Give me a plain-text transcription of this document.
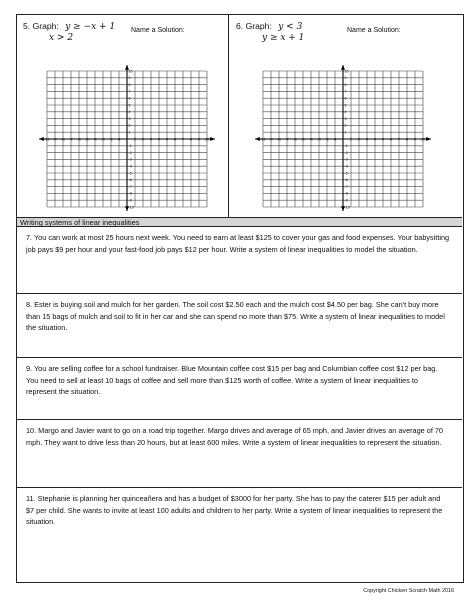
5. Graph: y ≥ −x + 1
x > 2
Name a Solution:
-10 -9 -8 -7 -6 -5 -4 -3 -2 -1	1 2 3 4 5 6 7 8 9 10
10
9
8
7
6
5
4
3
2
1
-1
-2
-3
-4
-5
-6
-7
-8
-9
-10
6. Graph: y < 3
y ≥ x + 1
Name a Solution:
-10 -9 -8 -7 -6 -5 -4 -3 -2 -1	1 2 3 4 5 6 7 8 9 10
10
9
8
7
6
5
4
3
2
1
-1
-2
-3
-4
-5
-6
-7
-8
-9
-10
Writing systems of linear inequalities

7. You can work at most 25 hours next week. You need to earn at least $125 to cover your gas and food expenses. Your babysitting job pays $9 per hour and your fast-food job pays $12 per hour. Write a system of linear inequalities to model the situation.

8. Ester is buying soil and mulch for her garden. The soil cost $2.50 each and the mulch cost $4.50 per bag. She can't buy more than 15 bags of mulch and soil to fit in her car and she can spend no more than $75. Write a system of linear inequalities to model the situation.

9. You are selling coffee for a school fundraiser. Blue Mountain coffee cost $15 per bag and Columbian coffee cost $12 per bag. You need to sell at least 10 bags of coffee and sell more than $125 worth of coffee. Write a system of linear inequalities to represent the situation.

10. Margo and Javier want to go on a road trip together. Margo drives and average of 65 mph, and Javier drives an average of 70 mph. They want to drive less than 20 hours, but at least 600 miles. Write a system of linear inequalities to represent the situation.

11. Stephanie is planning her quinceañera and has a budget of $3000 for her party. She has to pay the caterer $15 per adult and $7 per child. She wants to invite at least 100 adults and children to her party. Write a system of linear inequalities to represent the situation.

Copyright Chicken Scratch Math 2016
